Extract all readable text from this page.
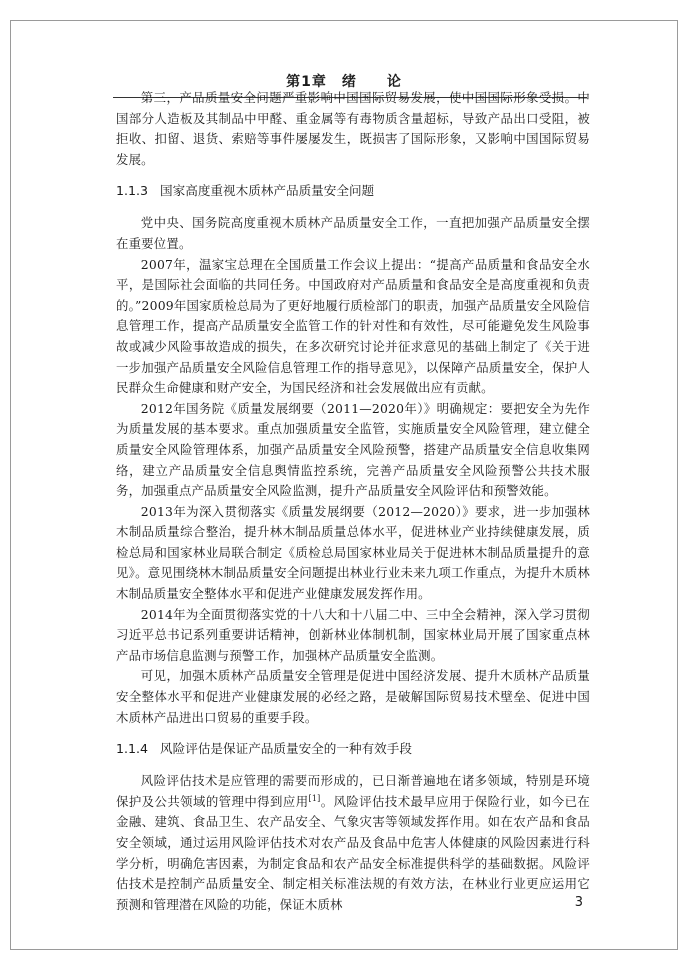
第1章　绪　　论
3

第三，产品质量安全问题严重影响中国国际贸易发展，使中国国际形象受损。中国部分人造板及其制品中甲醛、重金属等有毒物质含量超标，导致产品出口受阻，被拒收、扣留、退货、索赔等事件屡屡发生，既损害了国际形象，又影响中国国际贸易发展。

1.1.3 国家高度重视木质林产品质量安全问题

党中央、国务院高度重视木质林产品质量安全工作，一直把加强产品质量安全摆在重要位置。

2007年，温家宝总理在全国质量工作会议上提出：“提高产品质量和食品安全水平，是国际社会面临的共同任务。中国政府对产品质量和食品安全是高度重视和负责的。”2009年国家质检总局为了更好地履行质检部门的职责，加强产品质量安全风险信息管理工作，提高产品质量安全监管工作的针对性和有效性，尽可能避免发生风险事故或减少风险事故造成的损失，在多次研究讨论并征求意见的基础上制定了《关于进一步加强产品质量安全风险信息管理工作的指导意见》，以保障产品质量安全，保护人民群众生命健康和财产安全，为国民经济和社会发展做出应有贡献。

2012年国务院《质量发展纲要（2011—2020年）》明确规定：要把安全为先作为质量发展的基本要求。重点加强质量安全监管，实施质量安全风险管理，建立健全质量安全风险管理体系，加强产品质量安全风险预警，搭建产品质量安全信息收集网络，建立产品质量安全信息舆情监控系统，完善产品质量安全风险预警公共技术服务，加强重点产品质量安全风险监测，提升产品质量安全风险评估和预警效能。

2013年为深入贯彻落实《质量发展纲要（2012—2020）》要求，进一步加强林木制品质量综合整治，提升林木制品质量总体水平，促进林业产业持续健康发展，质检总局和国家林业局联合制定《质检总局国家林业局关于促进林木制品质量提升的意见》。意见围绕林木制品质量安全问题提出林业行业未来九项工作重点，为提升木质林木制品质量安全整体水平和促进产业健康发展发挥作用。

2014年为全面贯彻落实党的十八大和十八届二中、三中全会精神，深入学习贯彻习近平总书记系列重要讲话精神，创新林业体制机制，国家林业局开展了国家重点林产品市场信息监测与预警工作，加强林产品质量安全监测。

可见，加强木质林产品质量安全管理是促进中国经济发展、提升木质林产品质量安全整体水平和促进产业健康发展的必经之路，是破解国际贸易技术壁垒、促进中国木质林产品进出口贸易的重要手段。

1.1.4 风险评估是保证产品质量安全的一种有效手段

风险评估技术是应管理的需要而形成的，已日渐普遍地在诸多领域，特别是环境保护及公共领域的管理中得到应用[1]。风险评估技术最早应用于保险行业，如今已在金融、建筑、食品卫生、农产品安全、气象灾害等领域发挥作用。如在农产品和食品安全领域，通过运用风险评估技术对农产品及食品中危害人体健康的风险因素进行科学分析，明确危害因素，为制定食品和农产品安全标准提供科学的基础数据。风险评估技术是控制产品质量安全、制定相关标准法规的有效方法，在林业行业更应运用它预测和管理潜在风险的功能，保证木质林
